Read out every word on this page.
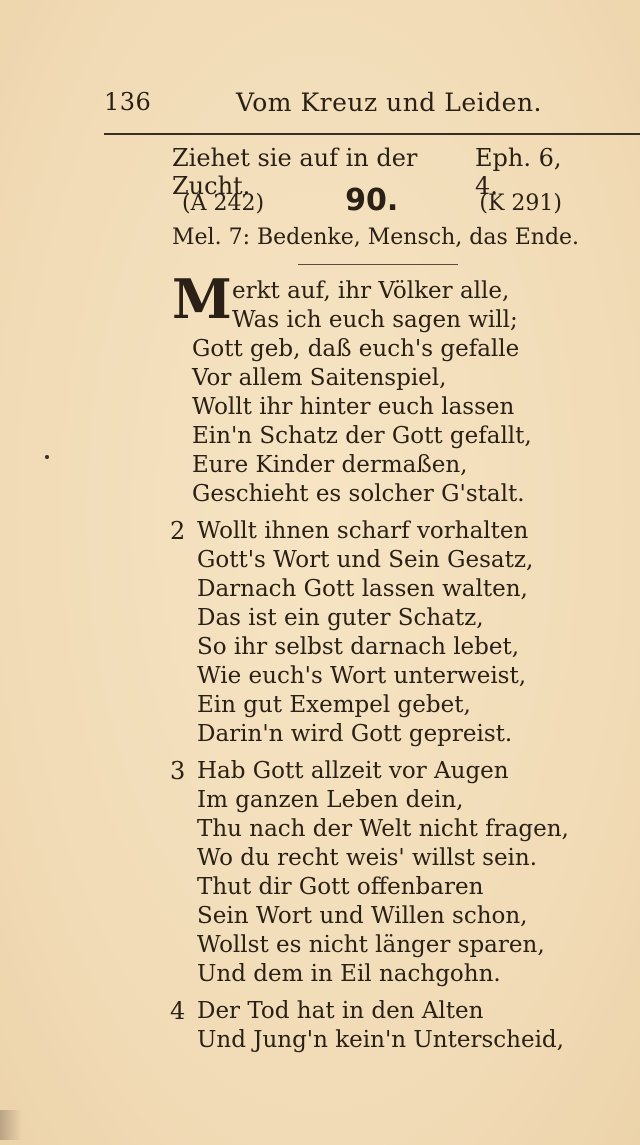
136	Vom Kreuz und Leiden.
Ziehet sie auf in der Zucht.
Eph. 6, 4.
(A 242)	90.	(K 291)
Mel. 7: Bedenke, Mensch, das Ende.
M erkt auf, ihr Völker alle,
Was ich euch sagen will;
Gott geb, daß euch's gefalle
Vor allem Saitenspiel,
Wollt ihr hinter euch lassen
Ein'n Schatz der Gott gefallt,
Eure Kinder dermaßen,
Geschieht es solcher G'stalt.
2 Wollt ihnen scharf vorhalten
Gott's Wort und Sein Gesatz,
Darnach Gott lassen walten,
Das ist ein guter Schatz,
So ihr selbst darnach lebet,
Wie euch's Wort unterweist,
Ein gut Exempel gebet,
Darin'n wird Gott gepreist.
3 Hab Gott allzeit vor Augen
Im ganzen Leben dein,
Thu nach der Welt nicht fragen,
Wo du recht weis' willst sein.
Thut dir Gott offenbaren
Sein Wort und Willen schon,
Wollst es nicht länger sparen,
Und dem in Eil nachgohn.
4 Der Tod hat in den Alten
Und Jung'n kein'n Unterscheid,
